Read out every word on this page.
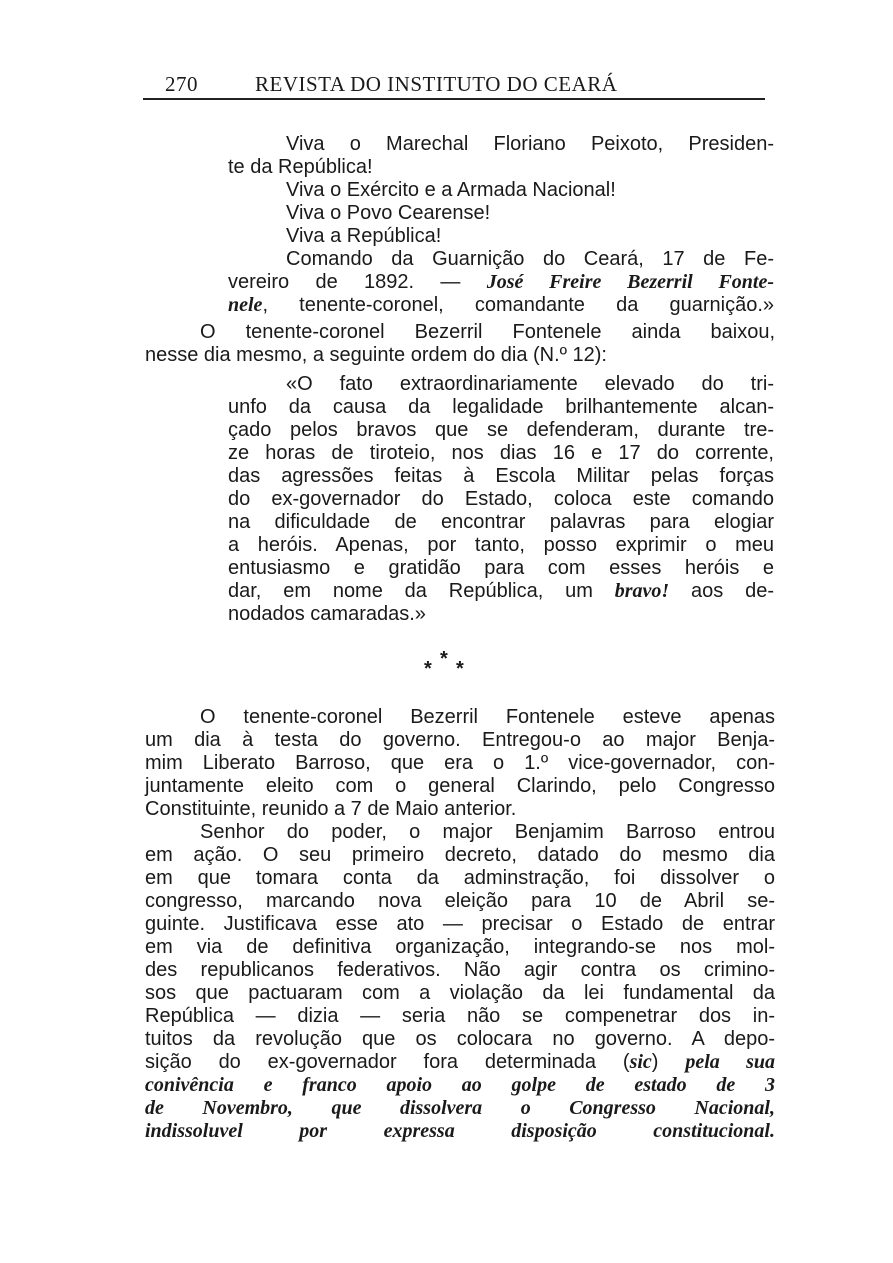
270	REVISTA DO INSTITUTO DO CEARÁ
Viva o Marechal Floriano Peixoto, Presiden-
te da República!
Viva o Exército e a Armada Nacional!
Viva o Povo Cearense!
Viva a República!
Comando da Guarnição do Ceará, 17 de Fe-
vereiro de 1892. — José Freire Bezerril Fonte-
nele, tenente-coronel, comandante da guarnição.»
O tenente-coronel Bezerril Fontenele ainda baixou,
nesse dia mesmo, a seguinte ordem do dia (N.º 12):
«O fato extraordinariamente elevado do tri-
unfo da causa da legalidade brilhantemente alcan-
çado pelos bravos que se defenderam, durante tre-
ze horas de tiroteio, nos dias 16 e 17 do corrente,
das agressões feitas à Escola Militar pelas forças
do ex-governador do Estado, coloca este comando
na dificuldade de encontrar palavras para elogiar
a heróis. Apenas, por tanto, posso exprimir o meu
entusiasmo e gratidão para com esses heróis e
dar, em nome da República, um bravo! aos de-
nodados camaradas.»
* * *
O tenente-coronel Bezerril Fontenele esteve apenas
um dia à testa do governo. Entregou-o ao major Benja-
mim Liberato Barroso, que era o 1.º vice-governador, con-
juntamente eleito com o general Clarindo, pelo Congresso
Constituinte, reunido a 7 de Maio anterior.
Senhor do poder, o major Benjamim Barroso entrou
em ação. O seu primeiro decreto, datado do mesmo dia
em que tomara conta da adminstração, foi dissolver o
congresso, marcando nova eleição para 10 de Abril se-
guinte. Justificava esse ato — precisar o Estado de entrar
em via de definitiva organização, integrando-se nos mol-
des republicanos federativos. Não agir contra os crimino-
sos que pactuaram com a violação da lei fundamental da
República — dizia — seria não se compenetrar dos in-
tuitos da revolução que os colocara no governo. A depo-
sição do ex-governador fora determinada (sic) pela sua
conivência e franco apoio ao golpe de estado de 3
de Novembro, que dissolvera o Congresso Nacional,
indissoluvel por expressa disposição constitucional.
